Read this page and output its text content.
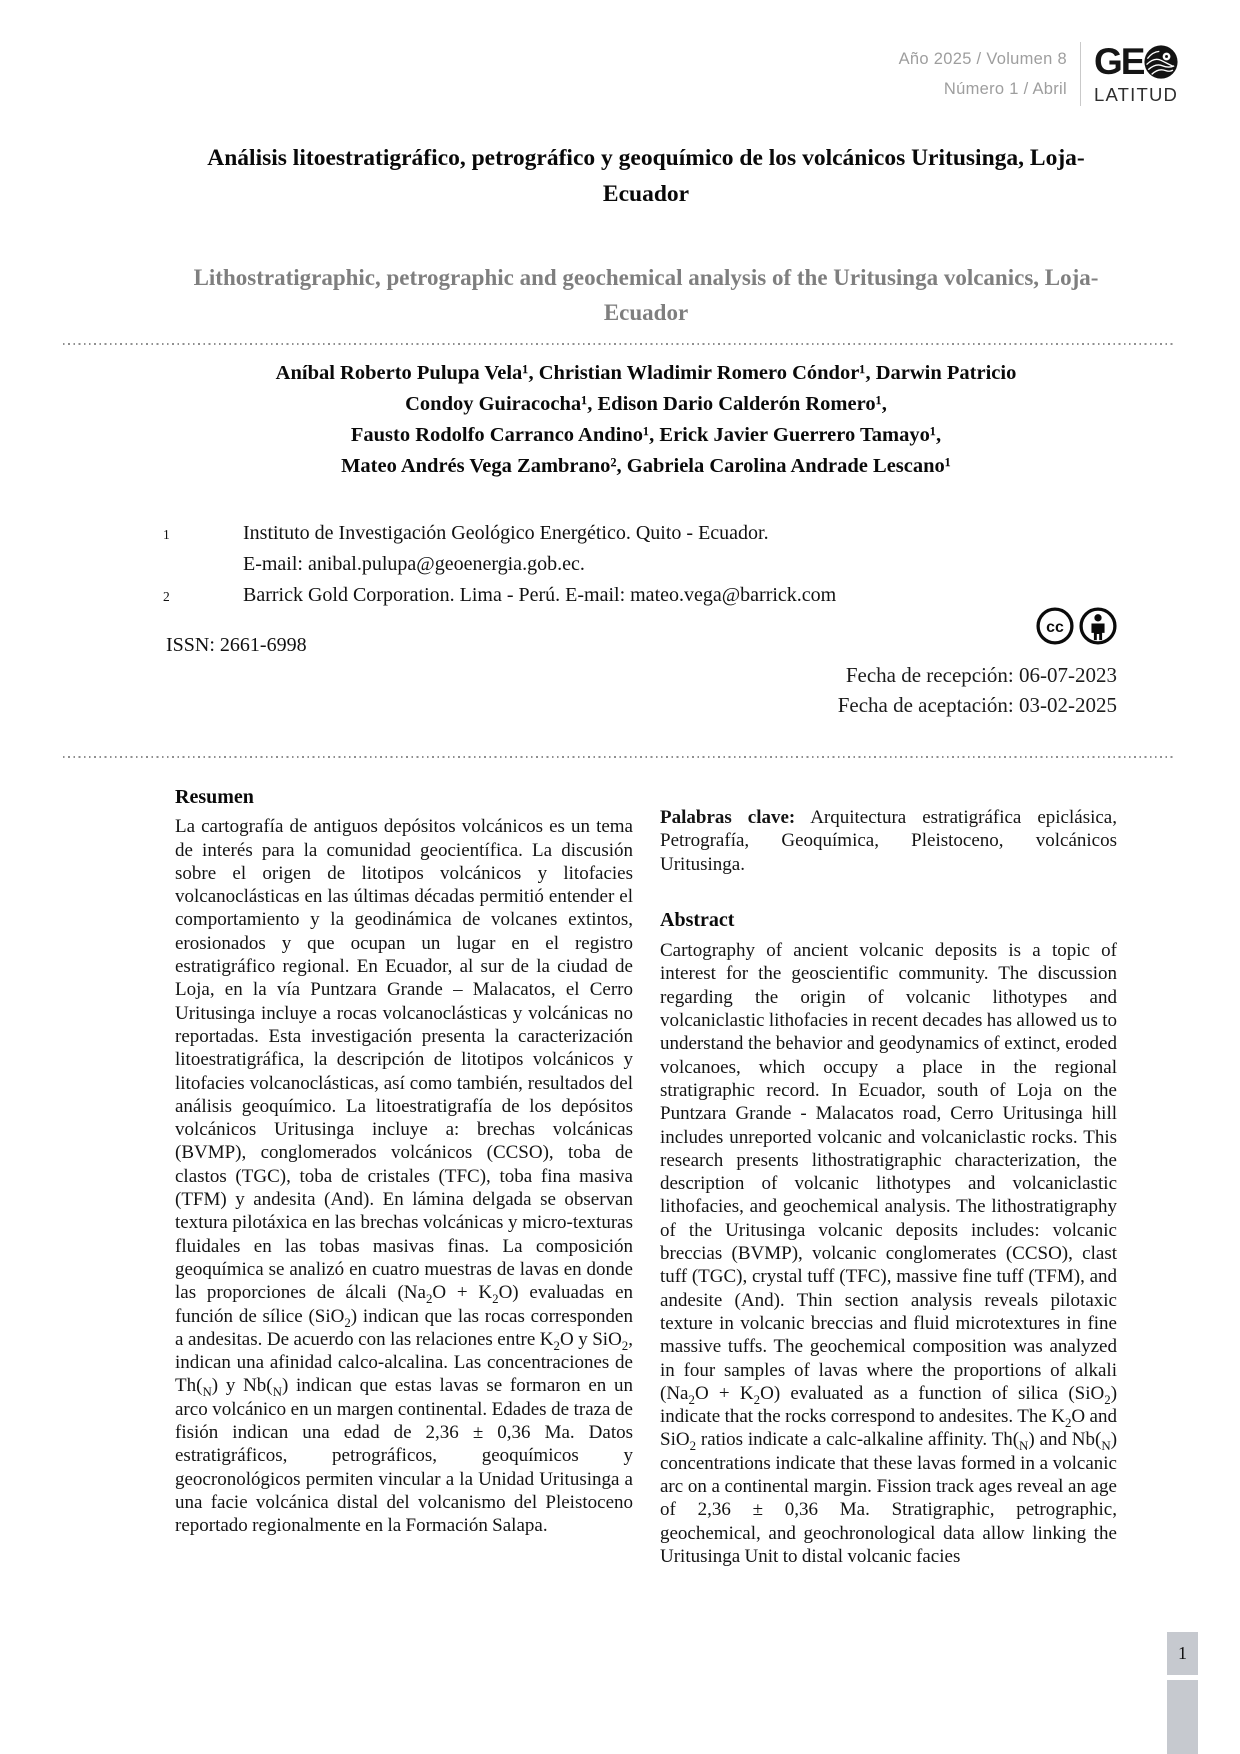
Año 2025 / Volumen 8
Número 1 / Abril
GE
LATITUD
Análisis litoestratigráfico, petrográfico y geoquímico de los volcánicos Uritusinga, Loja-Ecuador
Lithostratigraphic, petrographic and geochemical analysis of the Uritusinga volcanics, Loja-Ecuador
Aníbal Roberto Pulupa Vela¹, Christian Wladimir Romero Cóndor¹, Darwin Patricio
Condoy Guiracocha¹, Edison Dario Calderón Romero¹,
Fausto Rodolfo Carranco Andino¹, Erick Javier Guerrero Tamayo¹,
Mateo Andrés Vega Zambrano², Gabriela Carolina Andrade Lescano¹
1	Instituto de Investigación Geológico Energético. Quito - Ecuador.
E-mail: anibal.pulupa@geoenergia.gob.ec.
2	Barrick Gold Corporation. Lima - Perú. E-mail: mateo.vega@barrick.com
ISSN: 2661-6998
cc
Fecha de recepción: 06-07-2023
Fecha de aceptación: 03-02-2025
Resumen

La cartografía de antiguos depósitos volcánicos es un tema de interés para la comunidad geocientífica. La discusión sobre el origen de litotipos volcánicos y litofacies volcanoclásticas en las últimas décadas permitió entender el comportamiento y la geodinámica de volcanes extintos, erosionados y que ocupan un lugar en el registro estratigráfico regional. En Ecuador, al sur de la ciudad de Loja, en la vía Puntzara Grande – Malacatos, el Cerro Uritusinga incluye a rocas volcanoclásticas y volcánicas no reportadas. Esta investigación presenta la caracterización litoestratigráfica, la descripción de litotipos volcánicos y litofacies volcanoclásticas, así como también, resultados del análisis geoquímico. La litoestratigrafía de los depósitos volcánicos Uritusinga incluye a: brechas volcánicas (BVMP), conglomerados volcánicos (CCSO), toba de clastos (TGC), toba de cristales (TFC), toba fina masiva (TFM) y andesita (And). En lámina delgada se observan textura pilotáxica en las brechas volcánicas y micro-texturas fluidales en las tobas masivas finas. La composición geoquímica se analizó en cuatro muestras de lavas en donde las proporciones de álcali $(Na_2O + K_2O)$ evaluadas en función de sílice (SiO$_2$) indican que las rocas corresponden a andesitas. De acuerdo con las relaciones entre $K_2O$ y SiO$_2$, indican una afinidad calco-alcalina. Las concentraciones de $Th(_N)$ y $Nb(_N)$ indican que estas lavas se formaron en un arco volcánico en un margen continental. Edades de traza de fisión indican una edad de 2,36 ± 0,36 Ma. Datos estratigráficos, petrográficos, geoquímicos y geocronológicos permiten vincular a la Unidad Uritusinga a una facie volcánica distal del volcanismo del Pleistoceno reportado regionalmente en la Formación Salapa.

Palabras clave: Arquitectura estratigráfica epiclásica, Petrografía, Geoquímica, Pleistoceno, volcánicos Uritusinga.

Abstract

Cartography of ancient volcanic deposits is a topic of interest for the geoscientific community. The discussion regarding the origin of volcanic lithotypes and volcaniclastic lithofacies in recent decades has allowed us to understand the behavior and geodynamics of extinct, eroded volcanoes, which occupy a place in the regional stratigraphic record. In Ecuador, south of Loja on the Puntzara Grande - Malacatos road, Cerro Uritusinga hill includes unreported volcanic and volcaniclastic rocks. This research presents lithostratigraphic characterization, the description of volcanic lithotypes and volcaniclastic lithofacies, and geochemical analysis. The lithostratigraphy of the Uritusinga volcanic deposits includes: volcanic breccias (BVMP), volcanic conglomerates (CCSO), clast tuff (TGC), crystal tuff (TFC), massive fine tuff (TFM), and andesite (And). Thin section analysis reveals pilotaxic texture in volcanic breccias and fluid microtextures in fine massive tuffs. The geochemical composition was analyzed in four samples of lavas where the proportions of alkali $(Na_2O + K_2O)$ evaluated as a function of silica (SiO$_2$) indicate that the rocks correspond to andesites. The $K_2O$ and SiO$_2$ ratios indicate a calc-alkaline affinity. $Th(_N)$ and $Nb(_N)$ concentrations indicate that these lavas formed in a volcanic arc on a continental margin. Fission track ages reveal an age of 2,36 ± 0,36 Ma. Stratigraphic, petrographic, geochemical, and geochronological data allow linking the Uritusinga Unit to distal volcanic facies

1
